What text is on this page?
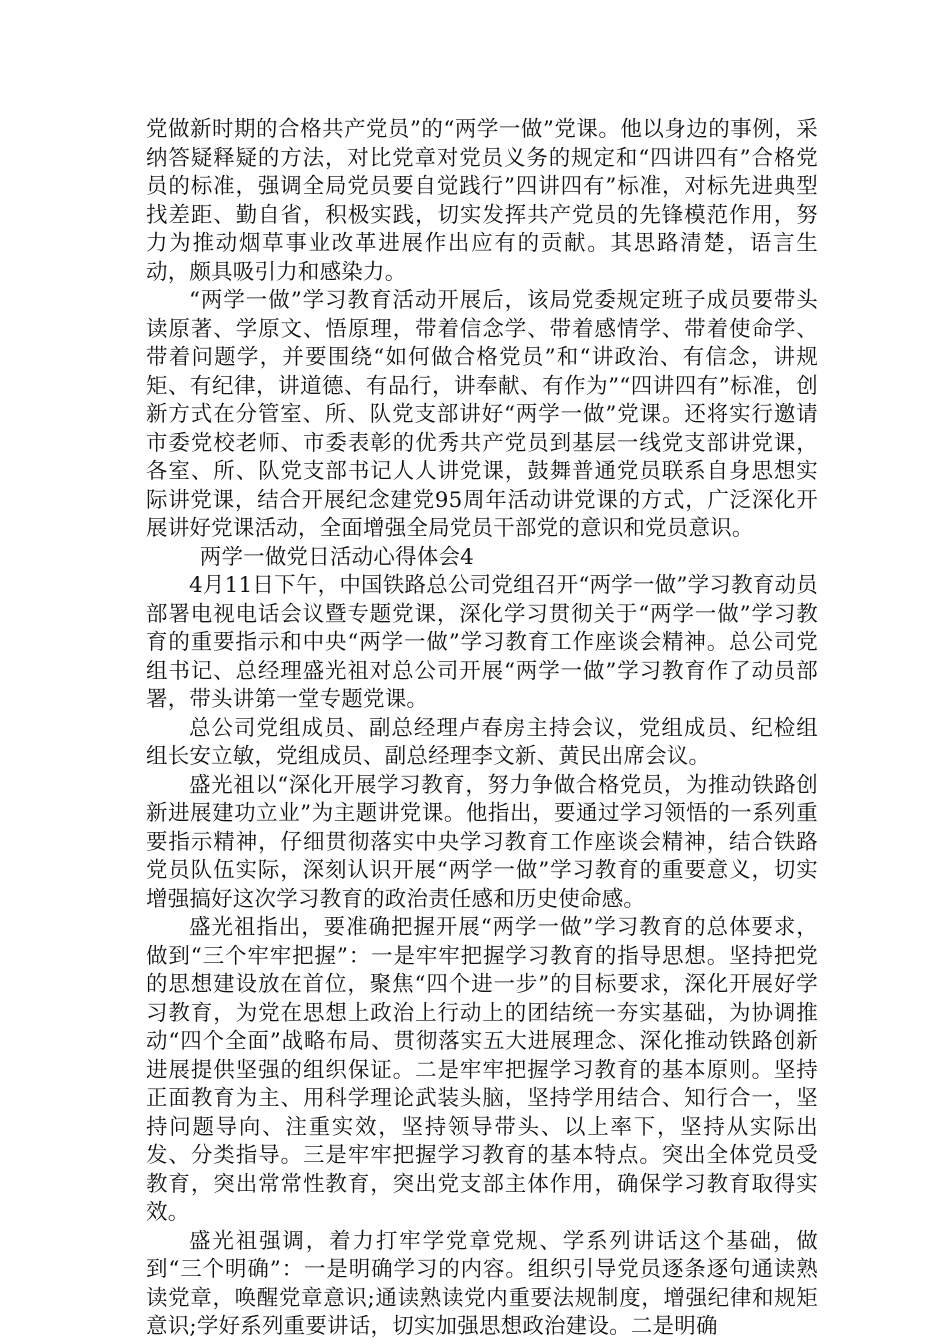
党做新时期的合格共产党员”的“两学一做”党课。他以身边的事例，采纳答疑释疑的方法，对比党章对党员义务的规定和“四讲四有”合格党员的标准，强调全局党员要自觉践行”四讲四有”标准，对标先进典型找差距、勤自省，积极实践，切实发挥共产党员的先锋模范作用，努力为推动烟草事业改革进展作出应有的贡献。其思路清楚，语言生动，颇具吸引力和感染力。

“两学一做”学习教育活动开展后，该局党委规定班子成员要带头读原著、学原文、悟原理，带着信念学、带着感情学、带着使命学、带着问题学，并要围绕“如何做合格党员”和“讲政治、有信念，讲规矩、有纪律，讲道德、有品行，讲奉献、有作为”“四讲四有”标准，创新方式在分管室、所、队党支部讲好“两学一做”党课。还将实行邀请市委党校老师、市委表彰的优秀共产党员到基层一线党支部讲党课，各室、所、队党支部书记人人讲党课，鼓舞普通党员联系自身思想实际讲党课，结合开展纪念建党95周年活动讲党课的方式，广泛深化开展讲好党课活动，全面增强全局党员干部党的意识和党员意识。

两学一做党日活动心得体会4

4月11日下午，中国铁路总公司党组召开“两学一做”学习教育动员部署电视电话会议暨专题党课，深化学习贯彻关于“两学一做”学习教育的重要指示和中央“两学一做”学习教育工作座谈会精神。总公司党组书记、总经理盛光祖对总公司开展“两学一做”学习教育作了动员部署，带头讲第一堂专题党课。

总公司党组成员、副总经理卢春房主持会议，党组成员、纪检组组长安立敏，党组成员、副总经理李文新、黄民出席会议。

盛光祖以“深化开展学习教育，努力争做合格党员，为推动铁路创新进展建功立业”为主题讲党课。他指出，要通过学习领悟的一系列重要指示精神，仔细贯彻落实中央学习教育工作座谈会精神，结合铁路党员队伍实际，深刻认识开展“两学一做”学习教育的重要意义，切实增强搞好这次学习教育的政治责任感和历史使命感。

盛光祖指出，要准确把握开展“两学一做”学习教育的总体要求，做到“三个牢牢把握”：一是牢牢把握学习教育的指导思想。坚持把党的思想建设放在首位，聚焦“四个进一步”的目标要求，深化开展好学习教育，为党在思想上政治上行动上的团结统一夯实基础，为协调推动“四个全面”战略布局、贯彻落实五大进展理念、深化推动铁路创新进展提供坚强的组织保证。二是牢牢把握学习教育的基本原则。坚持正面教育为主、用科学理论武装头脑，坚持学用结合、知行合一，坚持问题导向、注重实效，坚持领导带头、以上率下，坚持从实际出发、分类指导。三是牢牢把握学习教育的基本特点。突出全体党员受教育，突出常常性教育，突出党支部主体作用，确保学习教育取得实效。

盛光祖强调，着力打牢学党章党规、学系列讲话这个基础，做到“三个明确”：一是明确学习的内容。组织引导党员逐条逐句通读熟读党章，唤醒党章意识;通读熟读党内重要法规制度，增强纪律和规矩意识;学好系列重要讲话，切实加强思想政治建设。二是明确
